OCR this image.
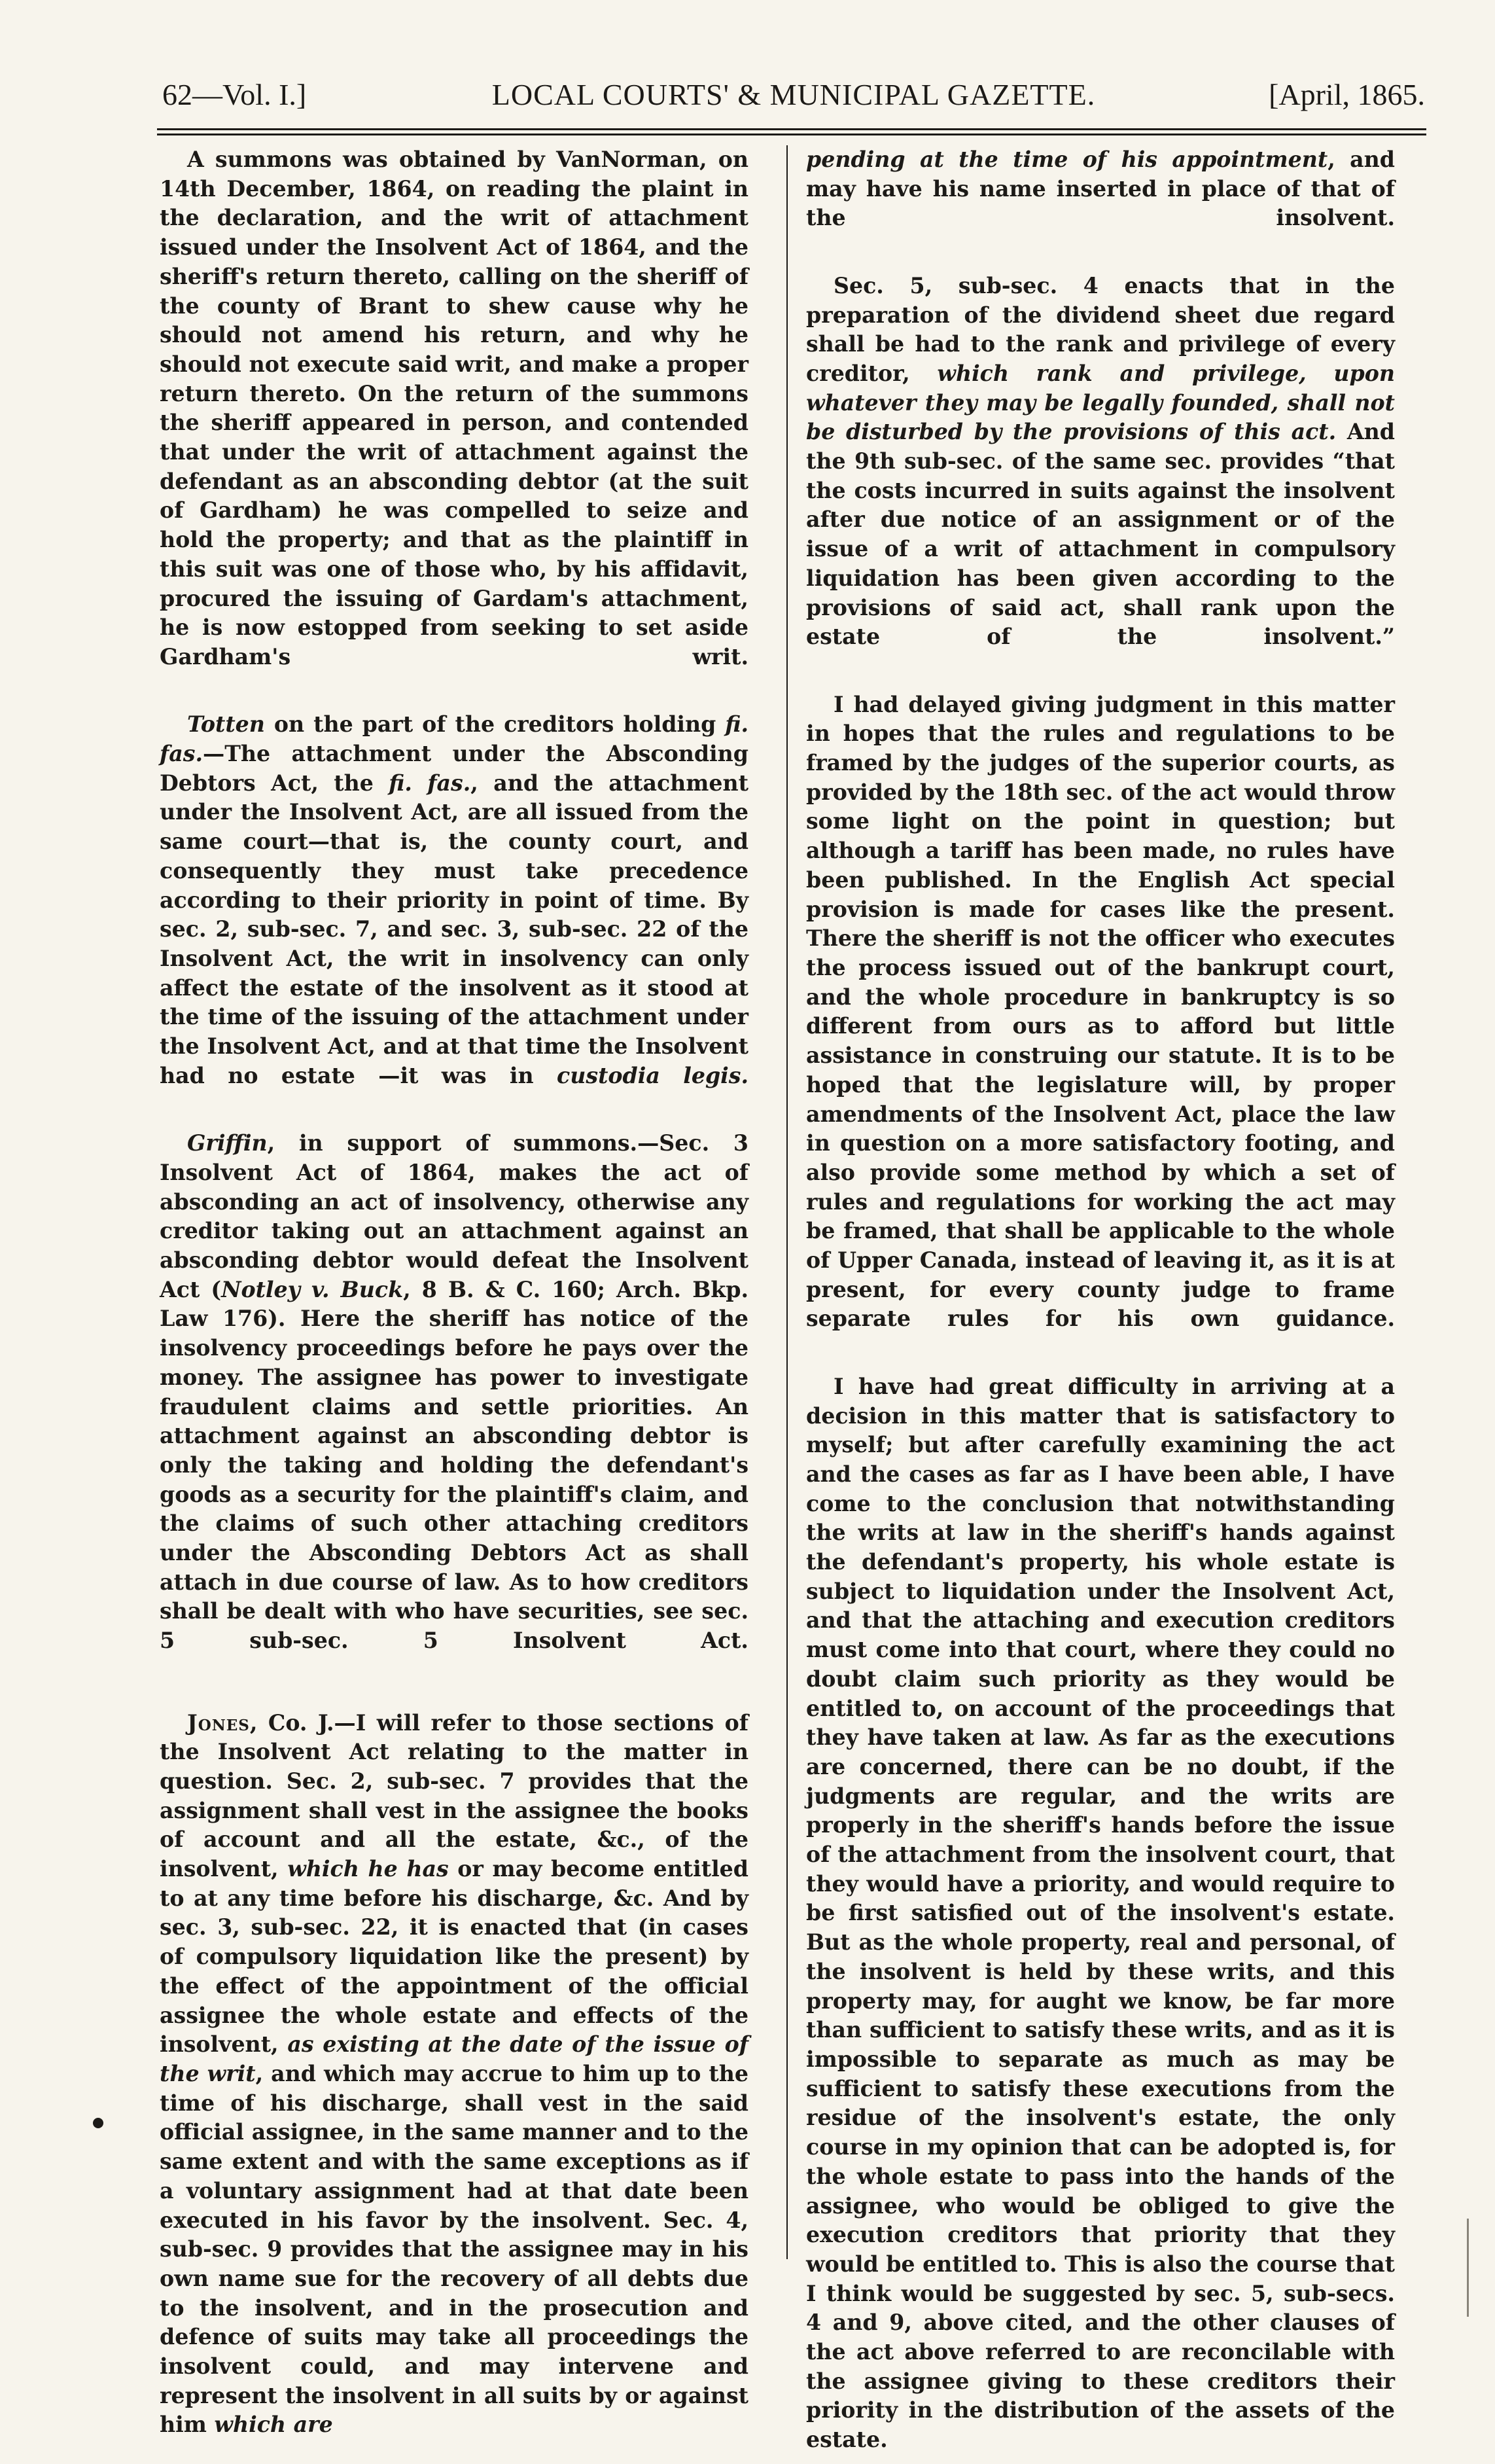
62—Vol. I.]	LOCAL COURTS' & MUNICIPAL GAZETTE.	[April, 1865.

A summons was obtained by VanNorman, on 14th December, 1864, on reading the plaint in the declaration, and the writ of attachment issued under the Insolvent Act of 1864, and the sheriff's return thereto, calling on the sheriff of the county of Brant to shew cause why he should not amend his return, and why he should not execute said writ, and make a proper return thereto. On the return of the summons the sheriff appeared in person, and contended that under the writ of attachment against the defendant as an absconding debtor (at the suit of Gardham) he was compelled to seize and hold the property; and that as the plaintiff in this suit was one of those who, by his affidavit, procured the issuing of Gardam's attachment, he is now estopped from seeking to set aside Gardham's writ.

Totten on the part of the creditors holding fi. fas.—The attachment under the Absconding Debtors Act, the fi. fas., and the attachment under the Insolvent Act, are all issued from the same court—that is, the county court, and consequently they must take precedence according to their priority in point of time. By sec. 2, sub-sec. 7, and sec. 3, sub-sec. 22 of the Insolvent Act, the writ in insolvency can only affect the estate of the insolvent as it stood at the time of the issuing of the attachment under the Insolvent Act, and at that time the Insolvent had no estate —it was in custodia legis.

Griffin, in support of summons.—Sec. 3 Insolvent Act of 1864, makes the act of absconding an act of insolvency, otherwise any creditor taking out an attachment against an absconding debtor would defeat the Insolvent Act (Notley v. Buck, 8 B. & C. 160; Arch. Bkp. Law 176). Here the sheriff has notice of the insolvency proceedings before he pays over the money. The assignee has power to investigate fraudulent claims and settle priorities. An attachment against an absconding debtor is only the taking and holding the defendant's goods as a security for the plaintiff's claim, and the claims of such other attaching creditors under the Absconding Debtors Act as shall attach in due course of law. As to how creditors shall be dealt with who have securities, see sec. 5 sub-sec. 5 Insolvent Act.

Jones, Co. J.—I will refer to those sections of the Insolvent Act relating to the matter in question. Sec. 2, sub-sec. 7 provides that the assignment shall vest in the assignee the books of account and all the estate, &c., of the insolvent, which he has or may become entitled to at any time before his discharge, &c. And by sec. 3, sub-sec. 22, it is enacted that (in cases of compulsory liquidation like the present) by the effect of the appointment of the official assignee the whole estate and effects of the insolvent, as existing at the date of the issue of the writ, and which may accrue to him up to the time of his discharge, shall vest in the said official assignee, in the same manner and to the same extent and with the same exceptions as if a voluntary assignment had at that date been executed in his favor by the insolvent. Sec. 4, sub-sec. 9 provides that the assignee may in his own name sue for the recovery of all debts due to the insolvent, and in the prosecution and defence of suits may take all proceedings the insolvent could, and may intervene and represent the insolvent in all suits by or against him which are

pending at the time of his appointment, and may have his name inserted in place of that of the insolvent.

Sec. 5, sub-sec. 4 enacts that in the preparation of the dividend sheet due regard shall be had to the rank and privilege of every creditor, which rank and privilege, upon whatever they may be legally founded, shall not be disturbed by the provisions of this act. And the 9th sub-sec. of the same sec. provides “that the costs incurred in suits against the insolvent after due notice of an assignment or of the issue of a writ of attachment in compulsory liquidation has been given according to the provisions of said act, shall rank upon the estate of the insolvent.”

I had delayed giving judgment in this matter in hopes that the rules and regulations to be framed by the judges of the superior courts, as provided by the 18th sec. of the act would throw some light on the point in question; but although a tariff has been made, no rules have been published. In the English Act special provision is made for cases like the present. There the sheriff is not the officer who executes the process issued out of the bankrupt court, and the whole procedure in bankruptcy is so different from ours as to afford but little assistance in construing our statute. It is to be hoped that the legislature will, by proper amendments of the Insolvent Act, place the law in question on a more satisfactory footing, and also provide some method by which a set of rules and regulations for working the act may be framed, that shall be applicable to the whole of Upper Canada, instead of leaving it, as it is at present, for every county judge to frame separate rules for his own guidance.

I have had great difficulty in arriving at a decision in this matter that is satisfactory to myself; but after carefully examining the act and the cases as far as I have been able, I have come to the conclusion that notwithstanding the writs at law in the sheriff's hands against the defendant's property, his whole estate is subject to liquidation under the Insolvent Act, and that the attaching and execution creditors must come into that court, where they could no doubt claim such priority as they would be entitled to, on account of the proceedings that they have taken at law. As far as the executions are concerned, there can be no doubt, if the judgments are regular, and the writs are properly in the sheriff's hands before the issue of the attachment from the insolvent court, that they would have a priority, and would require to be first satisfied out of the insolvent's estate. But as the whole property, real and personal, of the insolvent is held by these writs, and this property may, for aught we know, be far more than sufficient to satisfy these writs, and as it is impossible to separate as much as may be sufficient to satisfy these executions from the residue of the insolvent's estate, the only course in my opinion that can be adopted is, for the whole estate to pass into the hands of the assignee, who would be obliged to give the execution creditors that priority that they would be entitled to. This is also the course that I think would be suggested by sec. 5, sub-secs. 4 and 9, above cited, and the other clauses of the act above referred to are reconcilable with the assignee giving to these creditors their priority in the distribution of the assets of the estate.
